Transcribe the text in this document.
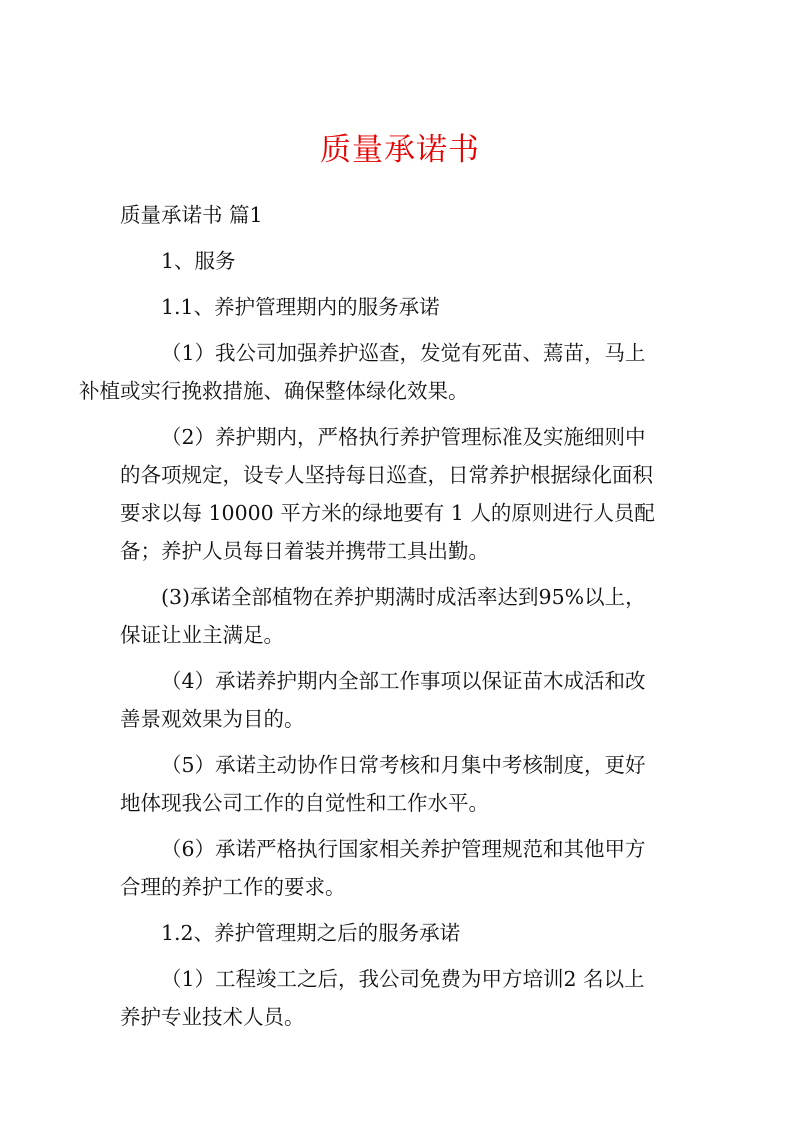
质量承诺书

质量承诺书 篇1

1、服务

1.1、养护管理期内的服务承诺

（1）我公司加强养护巡查，发觉有死苗、蔫苗，马上
补植或实行挽救措施、确保整体绿化效果。

（2）养护期内，严格执行养护管理标准及实施细则中
的各项规定，设专人坚持每日巡查，日常养护根据绿化面积
要求以每 10000 平方米的绿地要有 1 人的原则进行人员配
备；养护人员每日着装并携带工具出勤。

(3)承诺全部植物在养护期满时成活率达到95%以上，
保证让业主满足。

（4）承诺养护期内全部工作事项以保证苗木成活和改
善景观效果为目的。

（5）承诺主动协作日常考核和月集中考核制度，更好
地体现我公司工作的自觉性和工作水平。

（6）承诺严格执行国家相关养护管理规范和其他甲方
合理的养护工作的要求。

1.2、养护管理期之后的服务承诺

（1）工程竣工之后，我公司免费为甲方培训2 名以上
养护专业技术人员。
